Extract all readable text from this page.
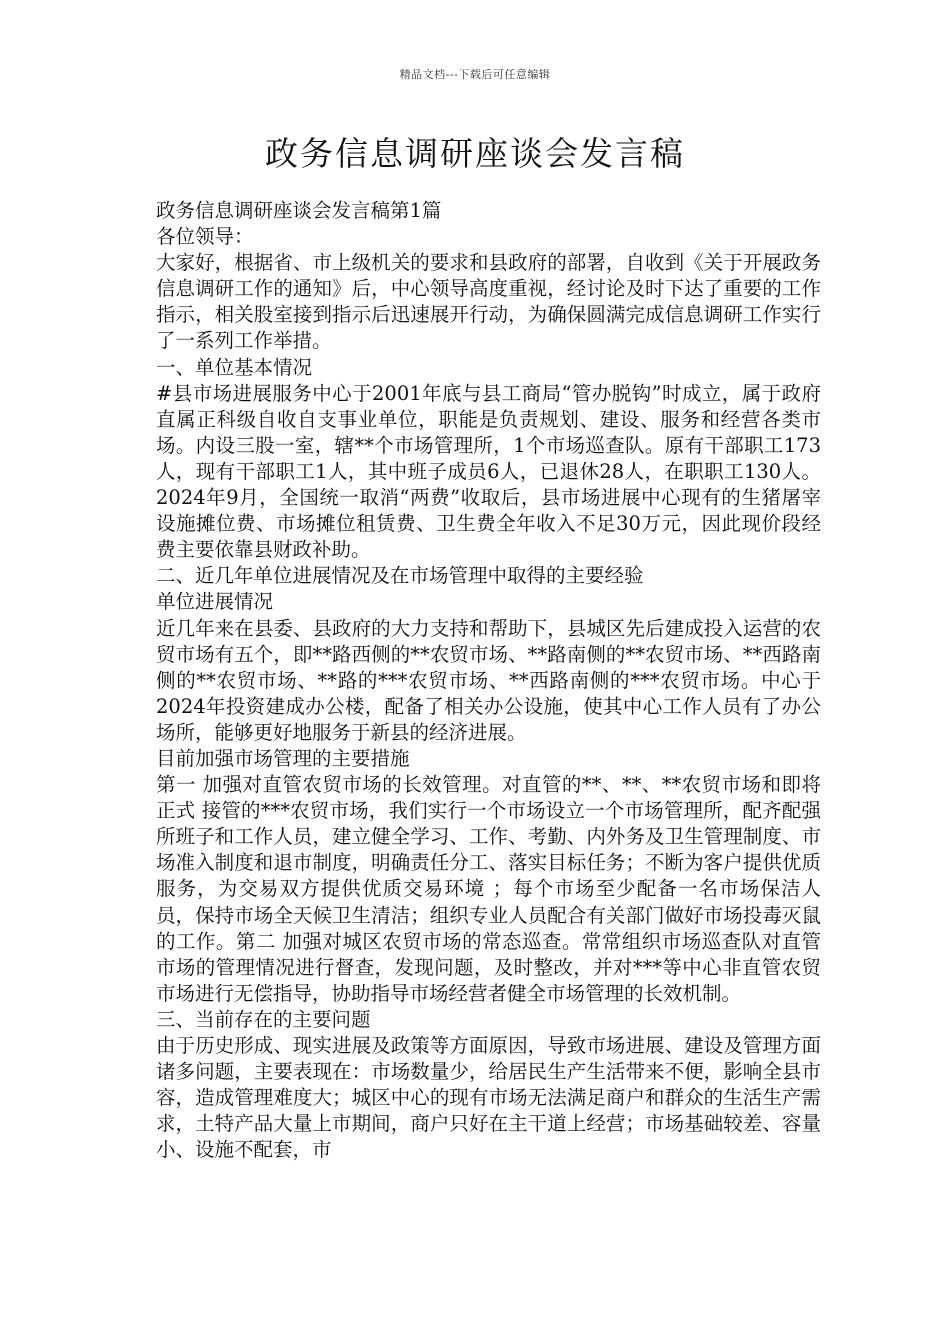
精品文档---下载后可任意编辑
政务信息调研座谈会发言稿

政务信息调研座谈会发言稿第1篇

各位领导：

大家好，根据省、市上级机关的要求和县政府的部署，自收到《关于开展政务信息调研工作的通知》后，中心领导高度重视，经讨论及时下达了重要的工作指示，相关股室接到指示后迅速展开行动，为确保圆满完成信息调研工作实行了一系列工作举措。

一、单位基本情况

#县市场进展服务中心于2001年底与县工商局“管办脱钩”时成立，属于政府直属正科级自收自支事业单位，职能是负责规划、建设、服务和经营各类市场。内设三股一室，辖**个市场管理所，1个市场巡查队。原有干部职工173人，现有干部职工1人，其中班子成员6人，已退休28人，在职职工130人。2024年9月，全国统一取消“两费”收取后，县市场进展中心现有的生猪屠宰设施摊位费、市场摊位租赁费、卫生费全年收入不足30万元，因此现价段经费主要依靠县财政补助。

二、近几年单位进展情况及在市场管理中取得的主要经验

单位进展情况

近几年来在县委、县政府的大力支持和帮助下，县城区先后建成投入运营的农贸市场有五个，即**路西侧的**农贸市场、**路南侧的**农贸市场、**西路南侧的**农贸市场、**路的***农贸市场、**西路南侧的***农贸市场。中心于2024年投资建成办公楼，配备了相关办公设施，使其中心工作人员有了办公场所，能够更好地服务于新县的经济进展。

目前加强市场管理的主要措施

第一 加强对直管农贸市场的长效管理。对直管的**、**、**农贸市场和即将正式 接管的***农贸市场，我们实行一个市场设立一个市场管理所，配齐配强所班子和工作人员，建立健全学习、工作、考勤、内外务及卫生管理制度、市场准入制度和退市制度，明确责任分工、落实目标任务；不断为客户提供优质服务，为交易双方提供优质交易环境 ；每个市场至少配备一名市场保洁人员，保持市场全天候卫生清洁；组织专业人员配合有关部门做好市场投毒灭鼠的工作。第二 加强对城区农贸市场的常态巡查。常常组织市场巡查队对直管市场的管理情况进行督查，发现问题，及时整改，并对***等中心非直管农贸市场进行无偿指导，协助指导市场经营者健全市场管理的长效机制。

三、当前存在的主要问题

由于历史形成、现实进展及政策等方面原因，导致市场进展、建设及管理方面诸多问题，主要表现在：市场数量少，给居民生产生活带来不便，影响全县市容，造成管理难度大；城区中心的现有市场无法满足商户和群众的生活生产需求，土特产品大量上市期间，商户只好在主干道上经营；市场基础较差、容量小、设施不配套，市
